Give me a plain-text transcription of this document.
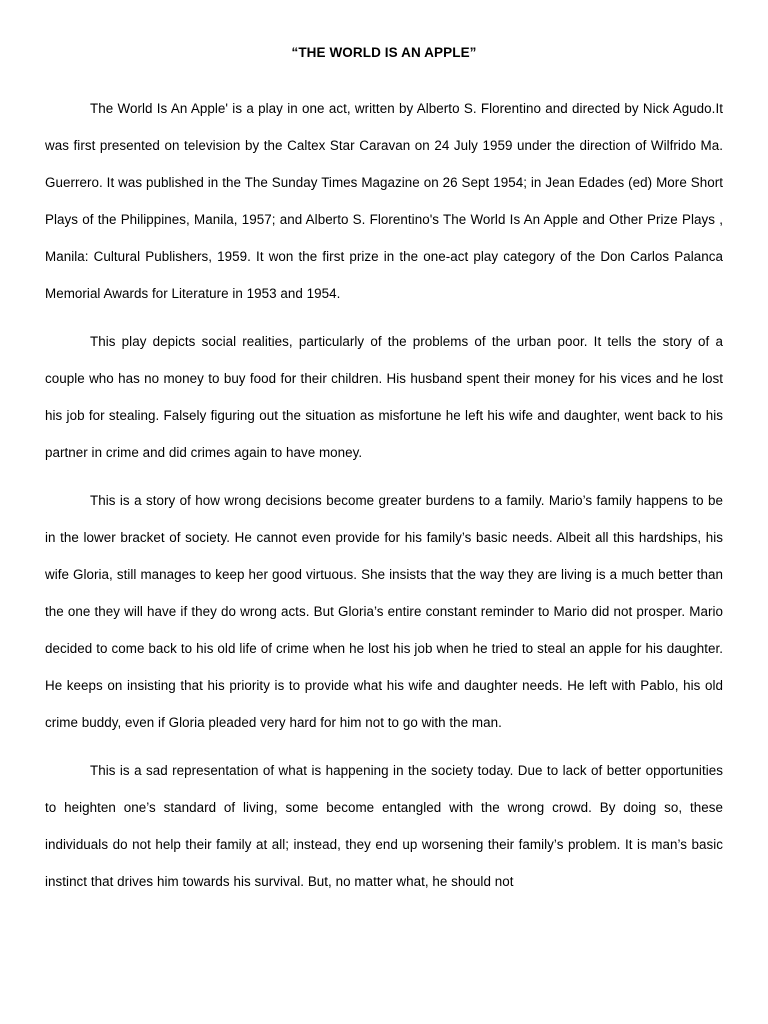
“THE WORLD IS AN APPLE”

The World Is An Apple' is a play in one act, written by Alberto S. Florentino and directed by Nick Agudo.It was first presented on television by the Caltex Star Caravan on 24 July 1959 under the direction of Wilfrido Ma. Guerrero. It was published in the The Sunday Times Magazine on 26 Sept 1954; in Jean Edades (ed) More Short Plays of the Philippines, Manila, 1957; and Alberto S. Florentino's The World Is An Apple and Other Prize Plays , Manila: Cultural Publishers, 1959. It won the first prize in the one-act play category of the Don Carlos Palanca Memorial Awards for Literature in 1953 and 1954.

This play depicts social realities, particularly of the problems of the urban poor. It tells the story of a couple who has no money to buy food for their children. His husband spent their money for his vices and he lost his job for stealing. Falsely figuring out the situation as misfortune he left his wife and daughter, went back to his partner in crime and did crimes again to have money.

This is a story of how wrong decisions become greater burdens to a family. Mario’s family happens to be in the lower bracket of society. He cannot even provide for his family’s basic needs. Albeit all this hardships, his wife Gloria, still manages to keep her good virtuous. She insists that the way they are living is a much better than the one they will have if they do wrong acts. But Gloria’s entire constant reminder to Mario did not prosper. Mario decided to come back to his old life of crime when he lost his job when he tried to steal an apple for his daughter. He keeps on insisting that his priority is to provide what his wife and daughter needs. He left with Pablo, his old crime buddy, even if Gloria pleaded very hard for him not to go with the man.

This is a sad representation of what is happening in the society today. Due to lack of better opportunities to heighten one’s standard of living, some become entangled with the wrong crowd. By doing so, these individuals do not help their family at all; instead, they end up worsening their family’s problem. It is man’s basic instinct that drives him towards his survival. But, no matter what, he should not
